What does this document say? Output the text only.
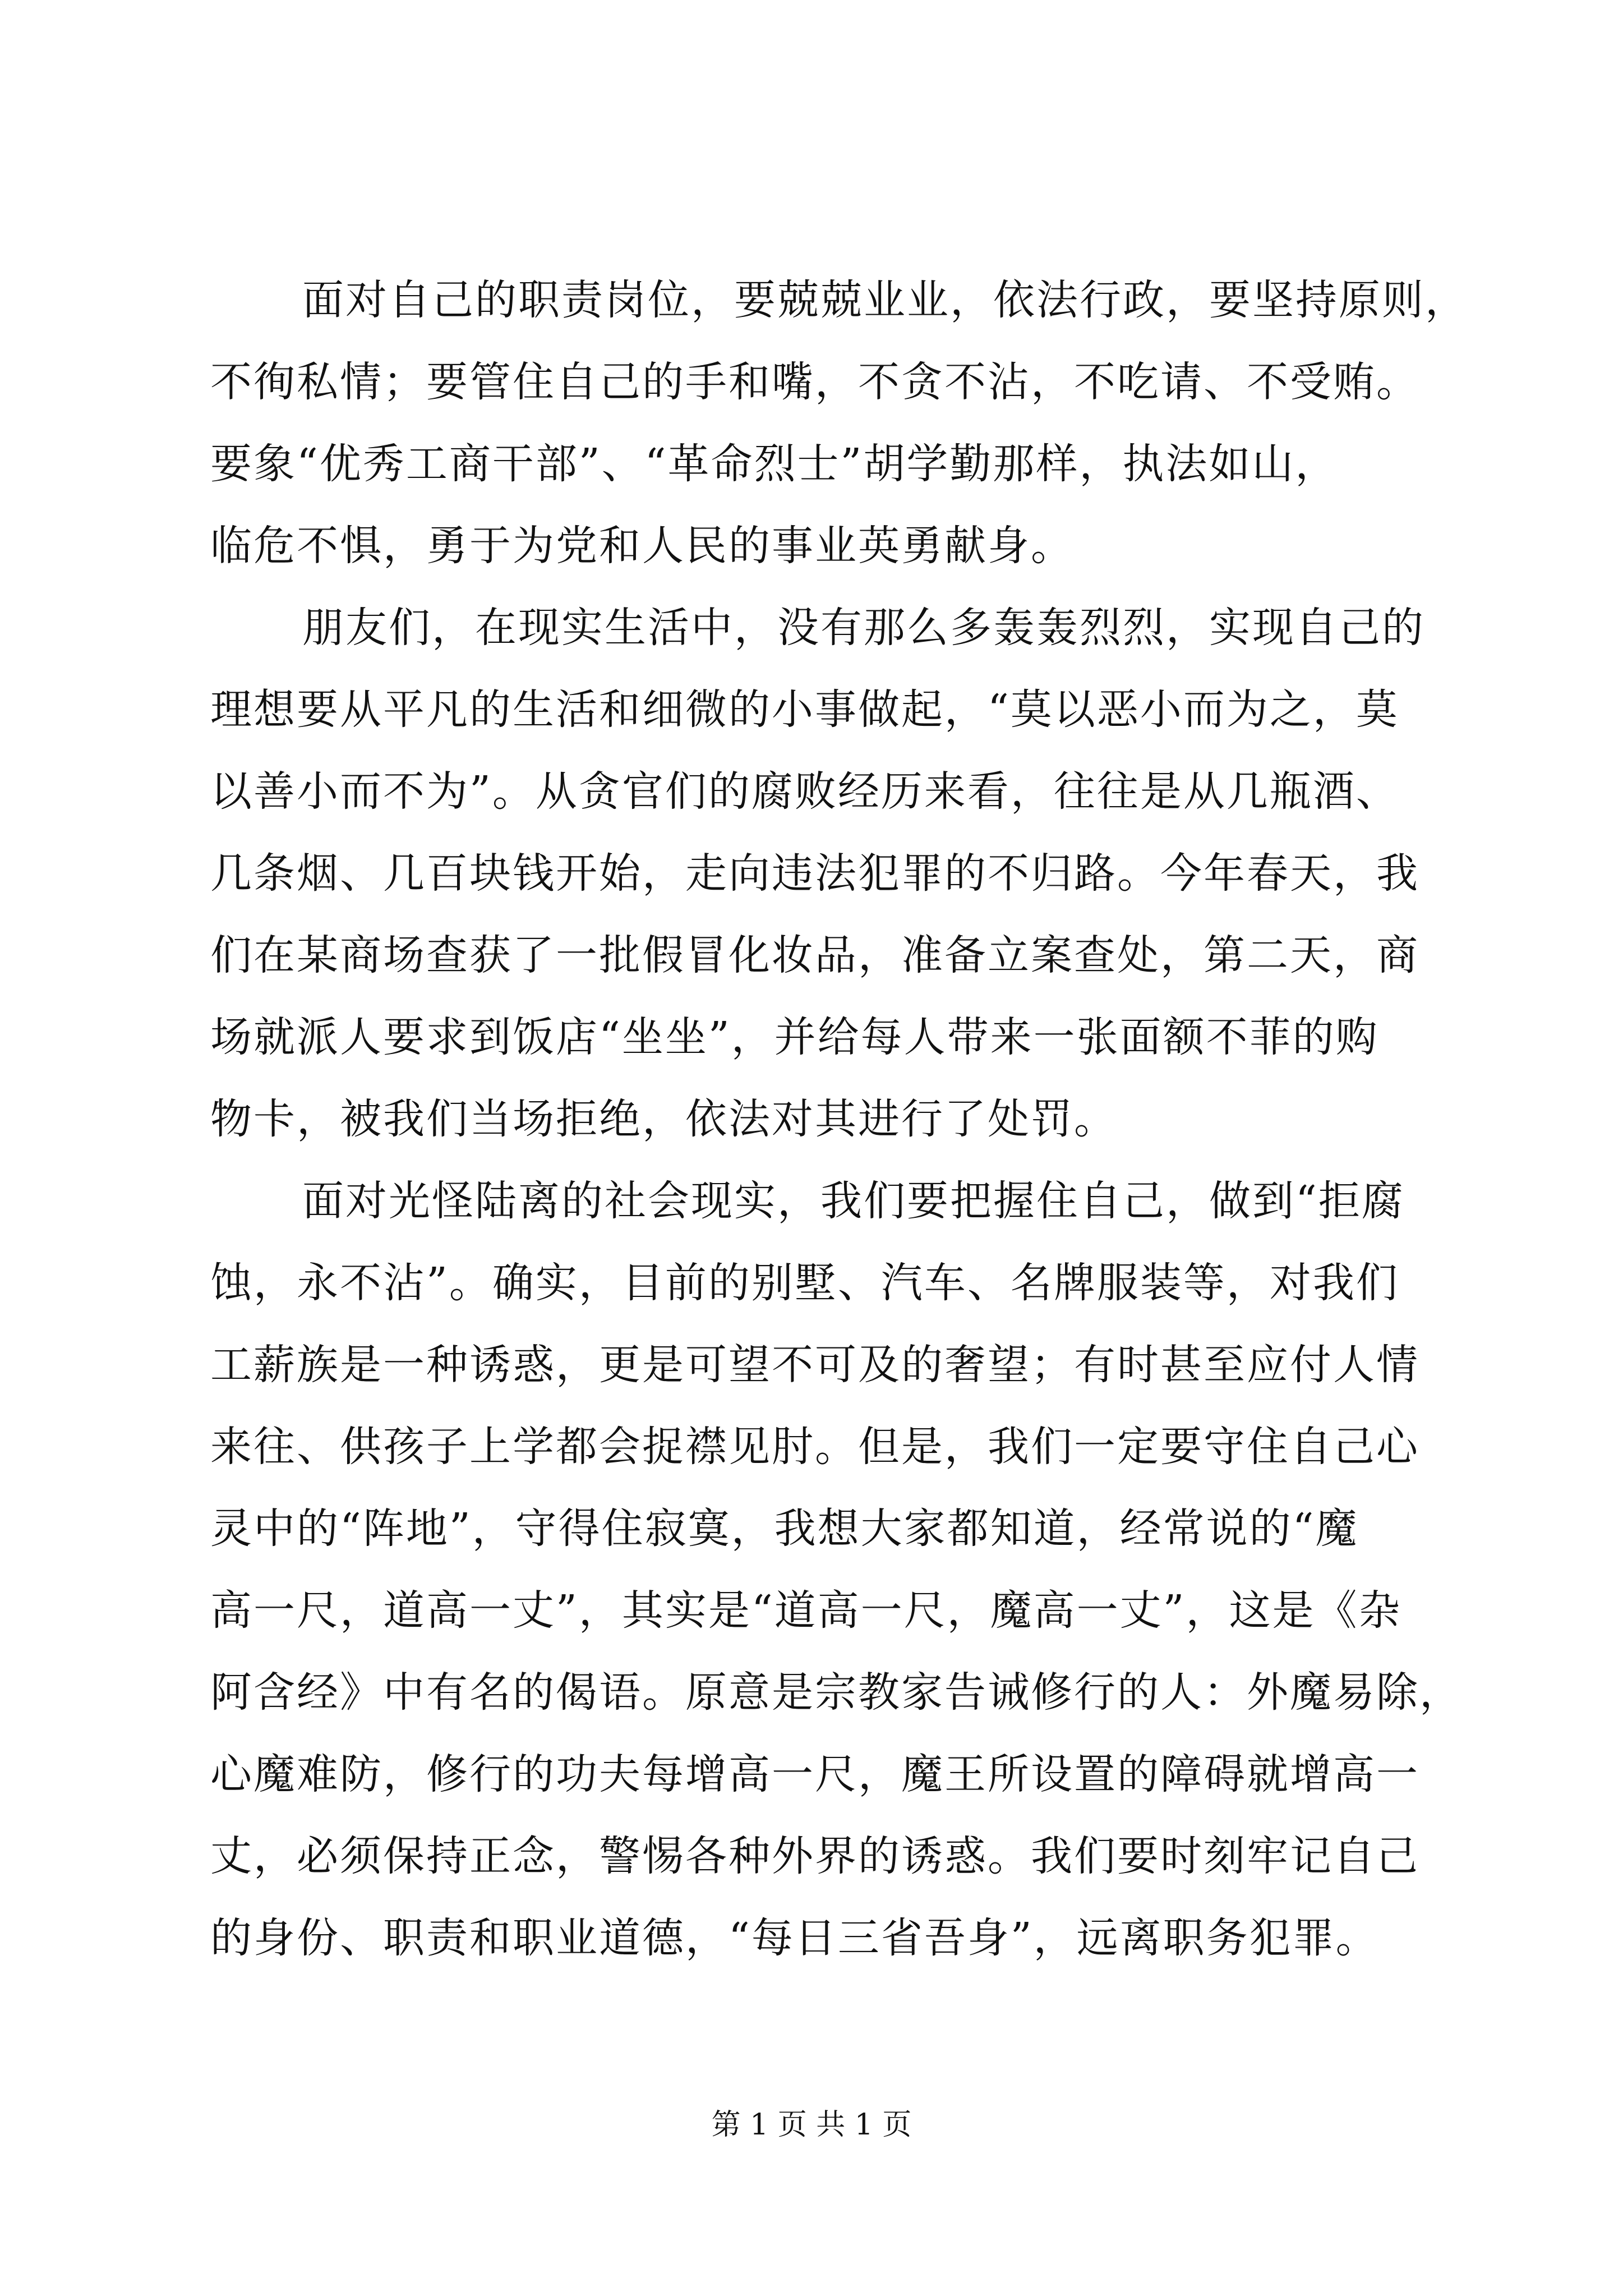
面对自己的职责岗位，要兢兢业业，依法行政，要坚持原则，
不徇私情；要管住自己的手和嘴，不贪不沾，不吃请、不受贿。
要象“优秀工商干部”、“革命烈士”胡学勤那样，执法如山，
临危不惧，勇于为党和人民的事业英勇献身。
朋友们，在现实生活中，没有那么多轰轰烈烈，实现自己的
理想要从平凡的生活和细微的小事做起，“莫以恶小而为之，莫
以善小而不为”。从贪官们的腐败经历来看，往往是从几瓶酒、
几条烟、几百块钱开始，走向违法犯罪的不归路。今年春天，我
们在某商场查获了一批假冒化妆品，准备立案查处，第二天，商
场就派人要求到饭店“坐坐”，并给每人带来一张面额不菲的购
物卡，被我们当场拒绝，依法对其进行了处罚。
面对光怪陆离的社会现实，我们要把握住自己，做到“拒腐
蚀，永不沾”。确实，目前的别墅、汽车、名牌服装等，对我们
工薪族是一种诱惑，更是可望不可及的奢望；有时甚至应付人情
来往、供孩子上学都会捉襟见肘。但是，我们一定要守住自己心
灵中的“阵地”，守得住寂寞，我想大家都知道，经常说的“魔
高一尺，道高一丈”，其实是“道高一尺，魔高一丈”，这是《杂
阿含经》中有名的偈语。原意是宗教家告诫修行的人：外魔易除，
心魔难防，修行的功夫每增高一尺，魔王所设置的障碍就增高一
丈，必须保持正念，警惕各种外界的诱惑。我们要时刻牢记自己
的身份、职责和职业道德，“每日三省吾身”，远离职务犯罪。
第 1 页 共 1 页
